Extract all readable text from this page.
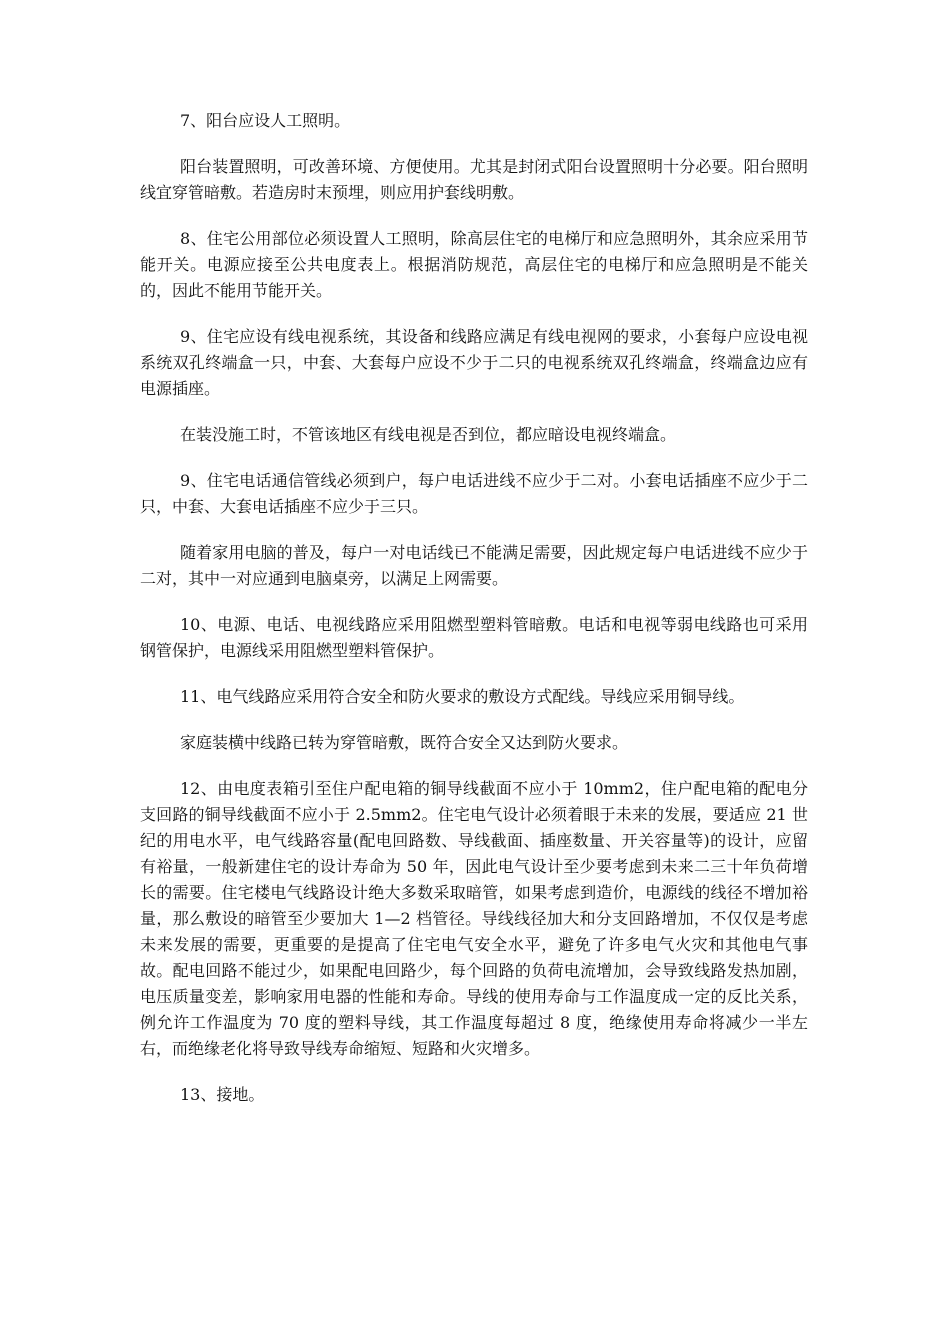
7、阳台应设人工照明。

阳台装置照明，可改善环境、方便使用。尤其是封闭式阳台设置照明十分必要。阳台照明线宜穿管暗敷。若造房时末预埋，则应用护套线明敷。

8、住宅公用部位必须设置人工照明，除高层住宅的电梯厅和应急照明外，其余应采用节能开关。电源应接至公共电度表上。根据消防规范，高层住宅的电梯厅和应急照明是不能关的，因此不能用节能开关。

9、住宅应设有线电视系统，其设备和线路应满足有线电视网的要求，小套每户应设电视系统双孔终端盒一只，中套、大套每户应设不少于二只的电视系统双孔终端盒，终端盒边应有电源插座。

在装没施工时，不管该地区有线电视是否到位，都应暗设电视终端盒。

9、住宅电话通信管线必须到户，每户电话进线不应少于二对。小套电话插座不应少于二只，中套、大套电话插座不应少于三只。

随着家用电脑的普及，每户一对电话线已不能满足需要，因此规定每户电话进线不应少于二对，其中一对应通到电脑桌旁，以满足上网需要。

10、电源、电话、电视线路应采用阻燃型塑料管暗敷。电话和电视等弱电线路也可采用钢管保护，电源线采用阻燃型塑料管保护。

11、电气线路应采用符合安全和防火要求的敷设方式配线。导线应采用铜导线。

家庭装横中线路已转为穿管暗敷，既符合安全又达到防火要求。

12、由电度表箱引至住户配电箱的铜导线截面不应小于 10mm2，住户配电箱的配电分支回路的铜导线截面不应小于 2.5mm2。住宅电气设计必须着眼于未来的发展，要适应 21 世纪的用电水平，电气线路容量(配电回路数、导线截面、插座数量、开关容量等)的设计，应留有裕量，一般新建住宅的设计寿命为 50 年，因此电气设计至少要考虑到未来二三十年负荷增长的需要。住宅楼电气线路设计绝大多数采取暗管，如果考虑到造价，电源线的线径不增加裕量，那么敷设的暗管至少要加大 1—2 档管径。导线线径加大和分支回路增加，不仅仅是考虑未来发展的需要，更重要的是提高了住宅电气安全水平，避免了许多电气火灾和其他电气事故。配电回路不能过少，如果配电回路少，每个回路的负荷电流增加，会导致线路发热加剧，电压质量变差，影响家用电器的性能和寿命。导线的使用寿命与工作温度成一定的反比关系，例允许工作温度为 70 度的塑料导线，其工作温度每超过 8 度，绝缘使用寿命将减少一半左右，而绝缘老化将导致导线寿命缩短、短路和火灾增多。

13、接地。
